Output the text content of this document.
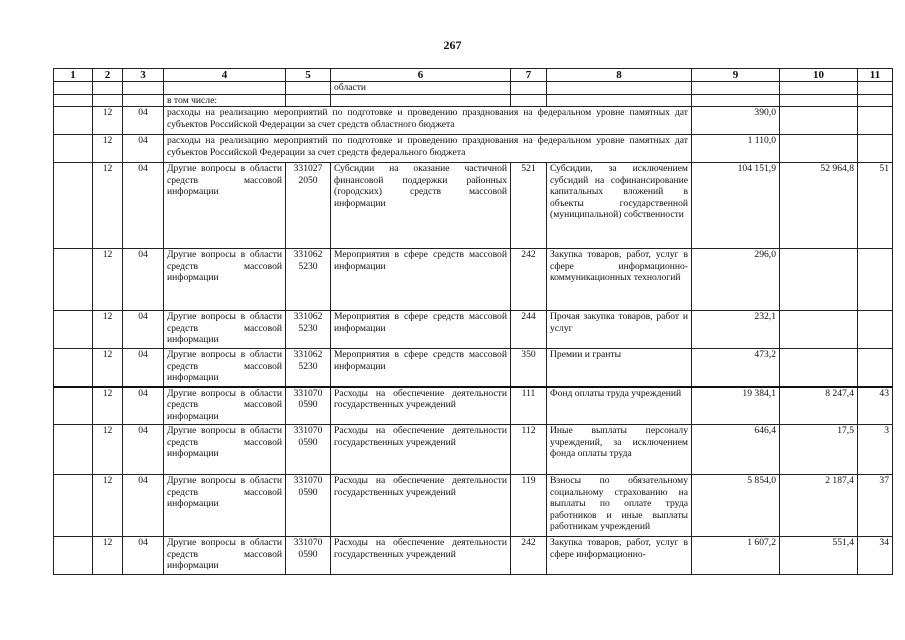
267
1	2	3	4	5	6	7	8	9	10	11
					области					
			в том числе:							
	12	04	расходы на реализацию мероприятий по подготовке и проведению празднования на федеральном уровне памятных дат субъектов Российской Федерации за счет средств областного бюджета					390,0		
	12	04	расходы на реализацию мероприятий по подготовке и проведению празднования на федеральном уровне памятных дат субъектов Российской Федерации за счет средств федерального бюджета					1 110,0		
	12	04	Другие вопросы в области средств массовой информации	331027 2050	Субсидии на оказание частичной финансовой поддержки районных (городских) средств массовой информации	521	Субсидии, за исключением субсидий на софинансирование капитальных вложений в объекты государственной (муниципальной) собственности	104 151,9	52 964,8	51
	12	04	Другие вопросы в области средств массовой информации	331062 5230	Мероприятия в сфере средств массовой информации	242	Закупка товаров, работ, услуг в сфере информационно-коммуникационных технологий	296,0		
	12	04	Другие вопросы в области средств массовой информации	331062 5230	Мероприятия в сфере средств массовой информации	244	Прочая закупка товаров, работ и услуг	232,1		
	12	04	Другие вопросы в области средств массовой информации	331062 5230	Мероприятия в сфере средств массовой информации	350	Премии и гранты	473,2		
	12	04	Другие вопросы в области средств массовой информации	331070 0590	Расходы на обеспечение деятельности государственных учреждений	111	Фонд оплаты труда учреждений	19 384,1	8 247,4	43
	12	04	Другие вопросы в области средств массовой информации	331070 0590	Расходы на обеспечение деятельности государственных учреждений	112	Иные выплаты персоналу учреждений, за исключением фонда оплаты труда	646,4	17,5	3
	12	04	Другие вопросы в области средств массовой информации	331070 0590	Расходы на обеспечение деятельности государственных учреждений	119	Взносы по обязательному социальному страхованию на выплаты по оплате труда работников и иные выплаты работникам учреждений	5 854,0	2 187,4	37
	12	04	Другие вопросы в области средств массовой информации	331070 0590	Расходы на обеспечение деятельности государственных учреждений	242	Закупка товаров, работ, услуг в сфере информационно-	1 607,2	551,4	34
